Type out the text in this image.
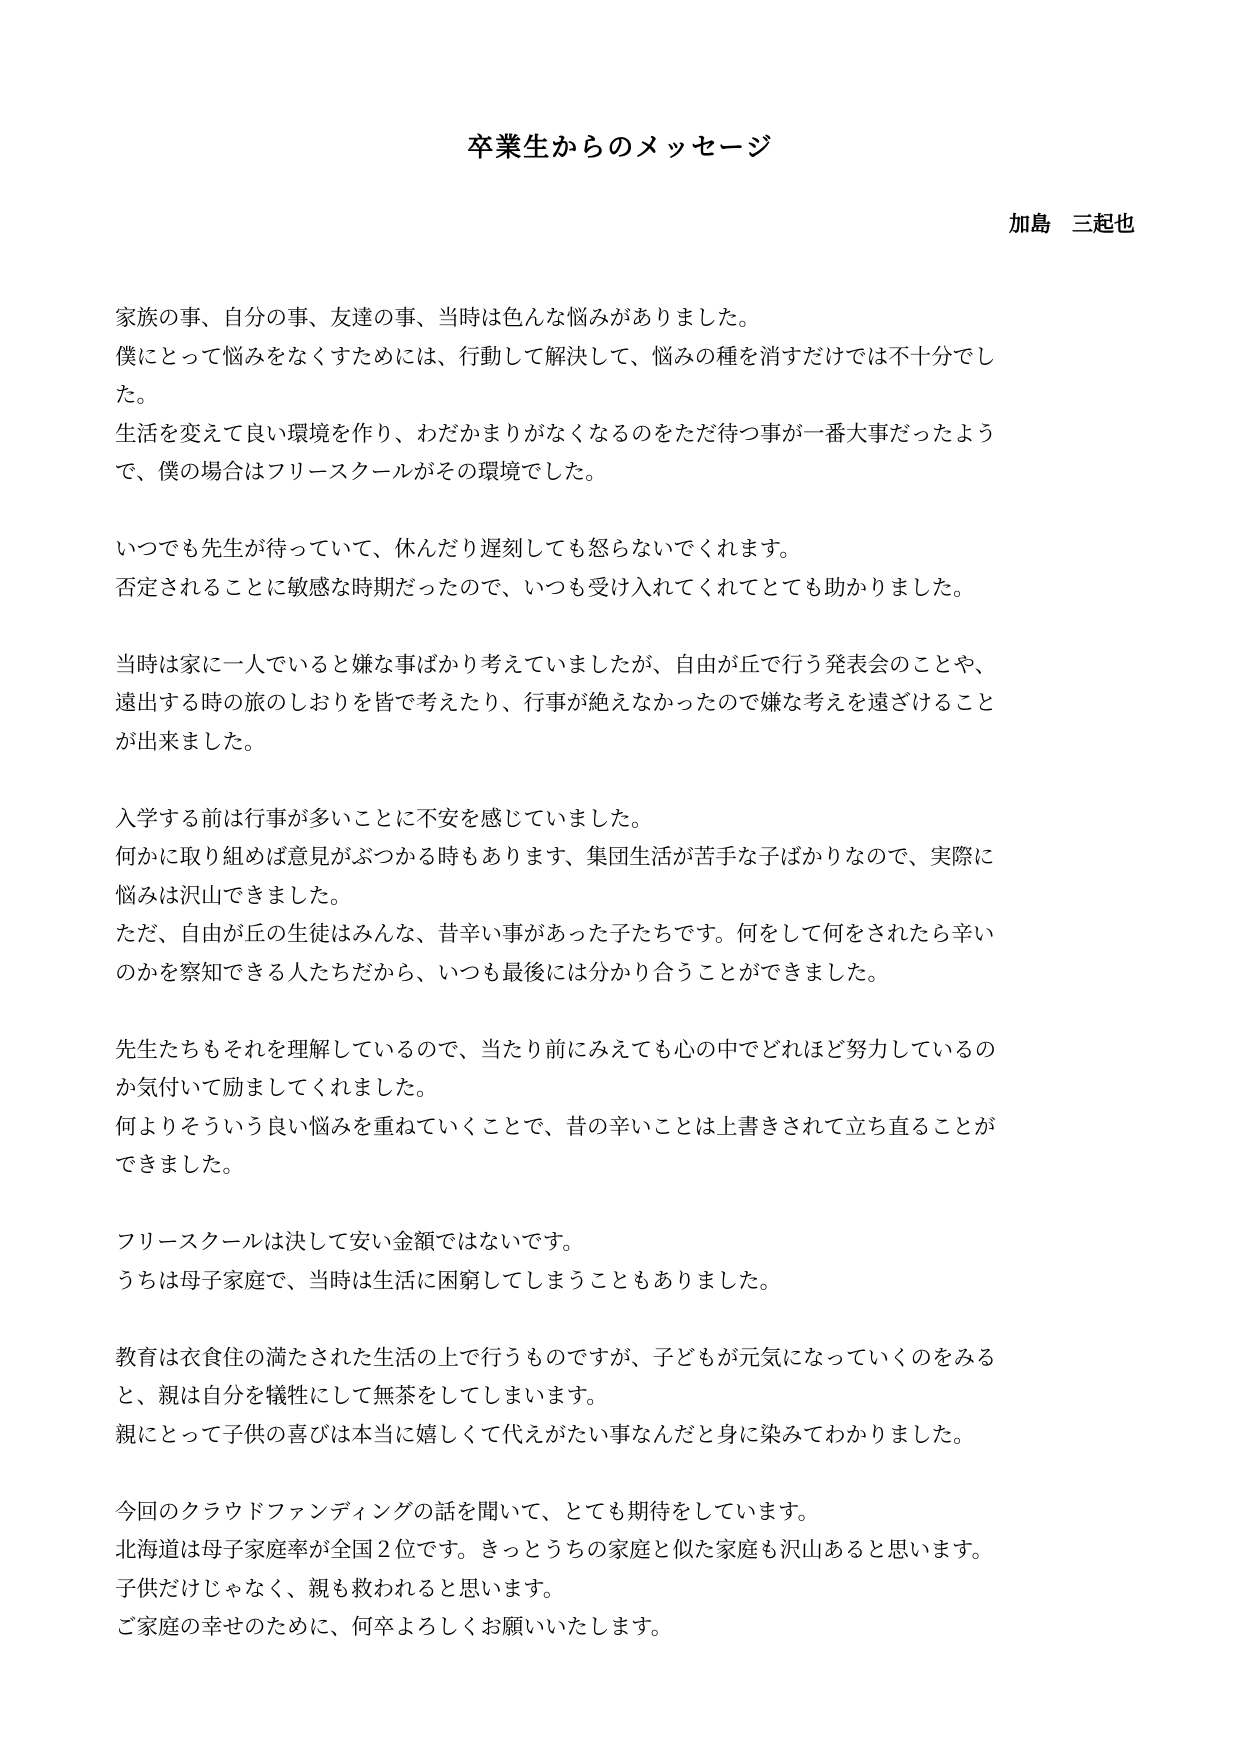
卒業生からのメッセージ
加島　三起也

家族の事、自分の事、友達の事、当時は色んな悩みがありました。
僕にとって悩みをなくすためには、行動して解決して、悩みの種を消すだけでは不十分でし
た。
生活を変えて良い環境を作り、わだかまりがなくなるのをただ待つ事が一番大事だったよう
で、僕の場合はフリースクールがその環境でした。

いつでも先生が待っていて、休んだり遅刻しても怒らないでくれます。
否定されることに敏感な時期だったので、いつも受け入れてくれてとても助かりました。

当時は家に一人でいると嫌な事ばかり考えていましたが、自由が丘で行う発表会のことや、
遠出する時の旅のしおりを皆で考えたり、行事が絶えなかったので嫌な考えを遠ざけること
が出来ました。

入学する前は行事が多いことに不安を感じていました。
何かに取り組めば意見がぶつかる時もあります、集団生活が苦手な子ばかりなので、実際に
悩みは沢山できました。
ただ、自由が丘の生徒はみんな、昔辛い事があった子たちです。何をして何をされたら辛い
のかを察知できる人たちだから、いつも最後には分かり合うことができました。

先生たちもそれを理解しているので、当たり前にみえても心の中でどれほど努力しているの
か気付いて励ましてくれました。
何よりそういう良い悩みを重ねていくことで、昔の辛いことは上書きされて立ち直ることが
できました。

フリースクールは決して安い金額ではないです。
うちは母子家庭で、当時は生活に困窮してしまうこともありました。

教育は衣食住の満たされた生活の上で行うものですが、子どもが元気になっていくのをみる
と、親は自分を犠牲にして無茶をしてしまいます。
親にとって子供の喜びは本当に嬉しくて代えがたい事なんだと身に染みてわかりました。

今回のクラウドファンディングの話を聞いて、とても期待をしています。
北海道は母子家庭率が全国２位です。きっとうちの家庭と似た家庭も沢山あると思います。
子供だけじゃなく、親も救われると思います。
ご家庭の幸せのために、何卒よろしくお願いいたします。
